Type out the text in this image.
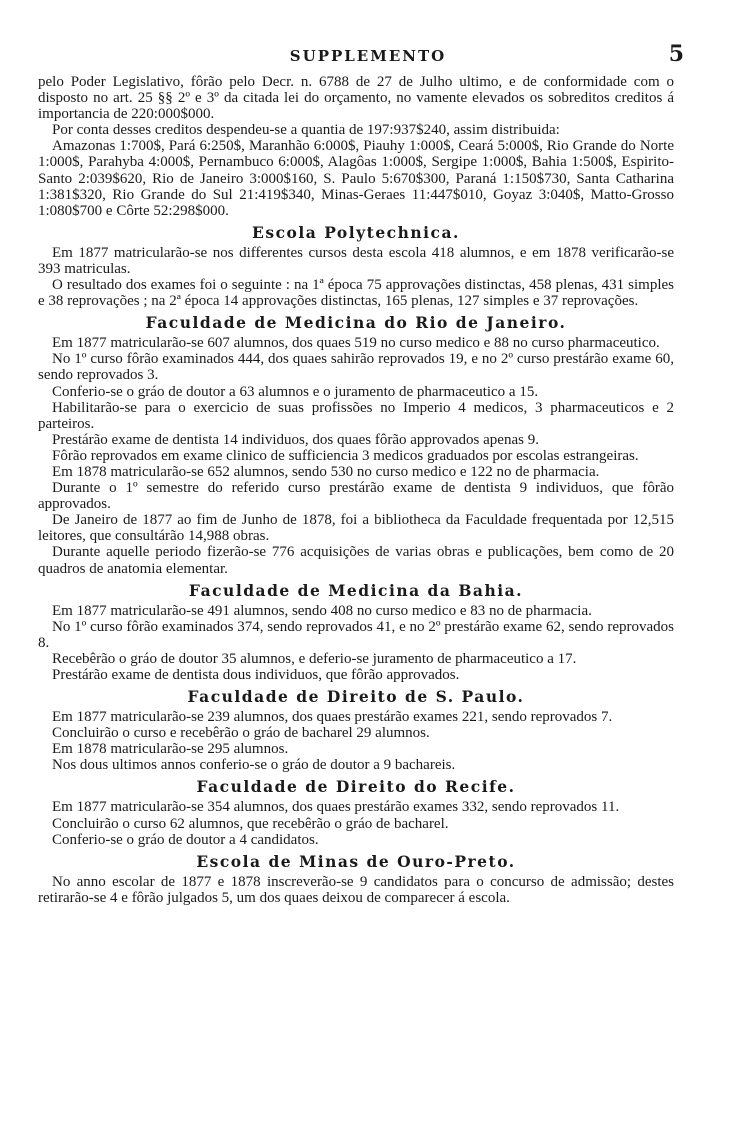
SUPPLEMENTO	5

pelo Poder Legislativo, fôrão pelo Decr. n. 6788 de 27 de Julho ultimo, e de conformidade com o disposto no art. 25 §§ 2º e 3º da citada lei do orçamento, no vamente elevados os sobreditos creditos á importancia de 220:000$000.

Por conta desses creditos despendeu-se a quantia de 197:937$240, assim distribuida:

Amazonas 1:700$, Pará 6:250$, Maranhão 6:000$, Piauhy 1:000$, Ceará 5:000$, Rio Grande do Norte 1:000$, Parahyba 4:000$, Pernambuco 6:000$, Alagôas 1:000$, Sergipe 1:000$, Bahia 1:500$, Espirito-Santo 2:039$620, Rio de Janeiro 3:000$160, S. Paulo 5:670$300, Paraná 1:150$730, Santa Catharina 1:381$320, Rio Grande do Sul 21:419$340, Minas-Geraes 11:447$010, Goyaz 3:040$, Matto-Grosso 1:080$700 e Côrte 52:298$000.

Escola Polytechnica.

Em 1877 matricularão-se nos differentes cursos desta escola 418 alumnos, e em 1878 verificarão-se 393 matriculas.

O resultado dos exames foi o seguinte : na 1ª época 75 approvações distinctas, 458 plenas, 431 simples e 38 reprovações ; na 2ª época 14 approvações distinctas, 165 plenas, 127 simples e 37 reprovações.

Faculdade de Medicina do Rio de Janeiro.

Em 1877 matricularão-se 607 alumnos, dos quaes 519 no curso medico e 88 no curso pharmaceutico.

No 1º curso fôrão examinados 444, dos quaes sahirão reprovados 19, e no 2º curso prestárão exame 60, sendo reprovados 3.

Conferio-se o gráo de doutor a 63 alumnos e o juramento de pharmaceutico a 15.

Habilitarão-se para o exercicio de suas profissões no Imperio 4 medicos, 3 pharmaceuticos e 2 parteiros.

Prestárão exame de dentista 14 individuos, dos quaes fôrão approvados apenas 9.

Fôrão reprovados em exame clinico de sufficiencia 3 medicos graduados por escolas estrangeiras.

Em 1878 matricularão-se 652 alumnos, sendo 530 no curso medico e 122 no de pharmacia.

Durante o 1º semestre do referido curso prestárão exame de dentista 9 individuos, que fôrão approvados.

De Janeiro de 1877 ao fim de Junho de 1878, foi a bibliotheca da Faculdade frequentada por 12,515 leitores, que consultárão 14,988 obras.

Durante aquelle periodo fizerão-se 776 acquisições de varias obras e publicações, bem como de 20 quadros de anatomia elementar.

Faculdade de Medicina da Bahia.

Em 1877 matricularão-se 491 alumnos, sendo 408 no curso medico e 83 no de pharmacia.

No 1º curso fôrão examinados 374, sendo reprovados 41, e no 2º prestárão exame 62, sendo reprovados 8.

Recebêrão o gráo de doutor 35 alumnos, e deferio-se juramento de pharmaceutico a 17.

Prestárão exame de dentista dous individuos, que fôrão approvados.

Faculdade de Direito de S. Paulo.

Em 1877 matricularão-se 239 alumnos, dos quaes prestárão exames 221, sendo reprovados 7.

Concluirão o curso e recebêrão o gráo de bacharel 29 alumnos.

Em 1878 matricularão-se 295 alumnos.

Nos dous ultimos annos conferio-se o gráo de doutor a 9 bachareis.

Faculdade de Direito do Recife.

Em 1877 matricularão-se 354 alumnos, dos quaes prestárão exames 332, sendo reprovados 11.

Concluirão o curso 62 alumnos, que recebêrão o gráo de bacharel.

Conferio-se o gráo de doutor a 4 candidatos.

Escola de Minas de Ouro-Preto.

No anno escolar de 1877 e 1878 inscreverão-se 9 candidatos para o concurso de admissão; destes retirarão-se 4 e fôrão julgados 5, um dos quaes deixou de comparecer á escola.
